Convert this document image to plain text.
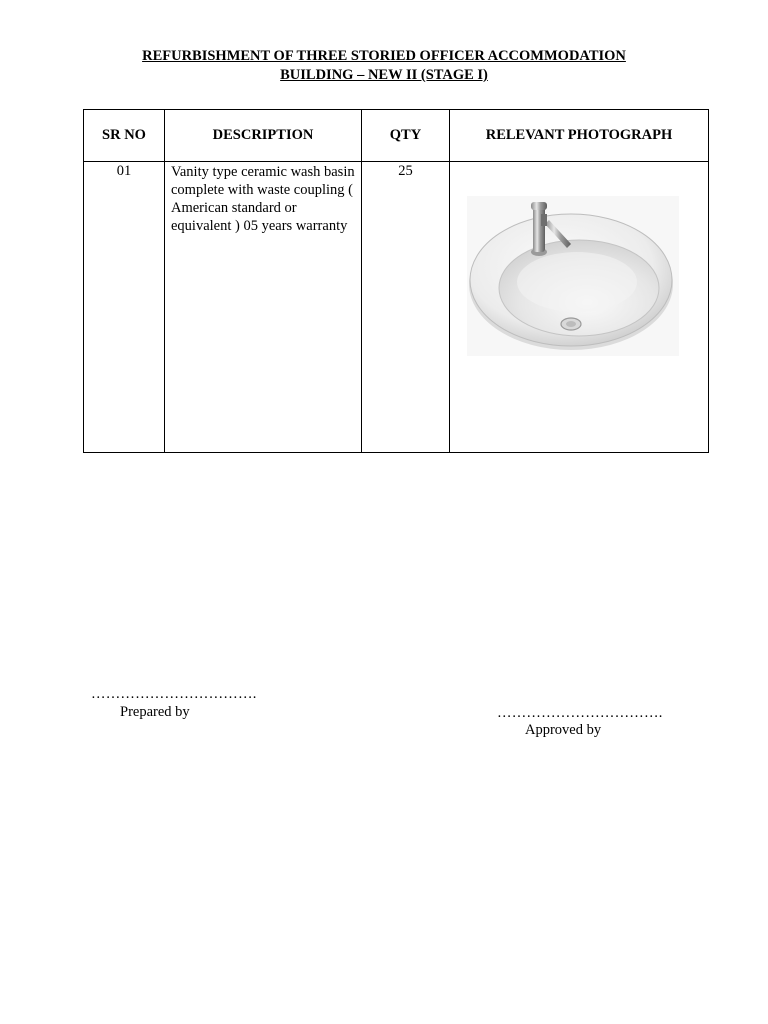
REFURBISHMENT OF THREE STORIED OFFICER ACCOMMODATION
BUILDING – NEW II (STAGE I)
SR NO	DESCRIPTION	QTY	RELEVANT PHOTOGRAPH
01	Vanity type ceramic wash basin complete with waste coupling ( American standard or equivalent ) 05 years warranty	25	
…………………………….
Prepared by	…………………………….
Approved by
